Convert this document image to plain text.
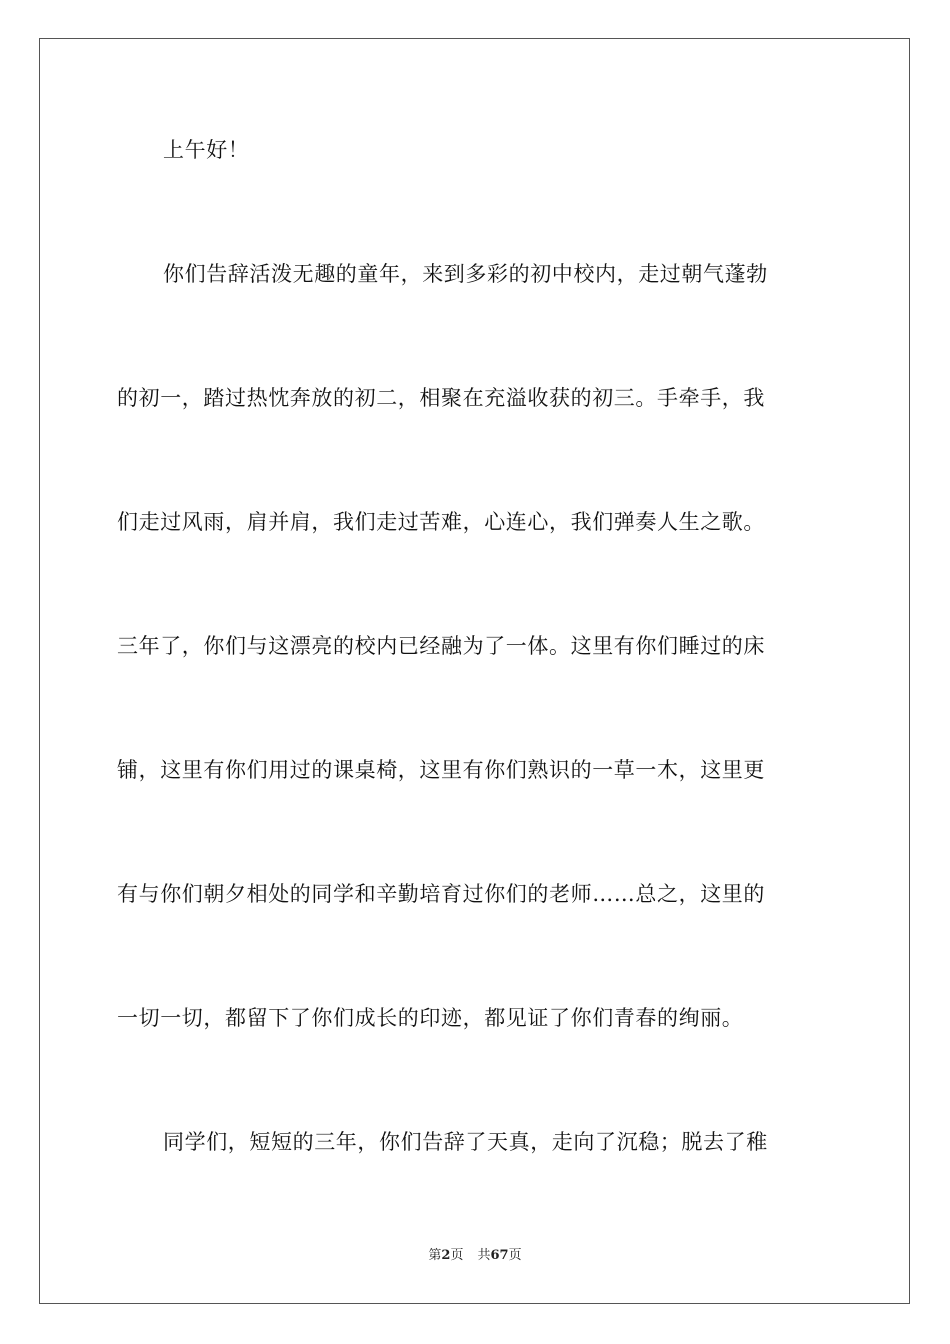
上午好！
你们告辞活泼无趣的童年，来到多彩的初中校内，走过朝气蓬勃
的初一，踏过热忱奔放的初二，相聚在充溢收获的初三。手牵手，我
们走过风雨，肩并肩，我们走过苦难，心连心，我们弹奏人生之歌。
三年了，你们与这漂亮的校内已经融为了一体。这里有你们睡过的床
铺，这里有你们用过的课桌椅，这里有你们熟识的一草一木，这里更
有与你们朝夕相处的同学和辛勤培育过你们的老师……总之，这里的
一切一切，都留下了你们成长的印迹，都见证了你们青春的绚丽。
同学们，短短的三年，你们告辞了天真，走向了沉稳；脱去了稚
第2页 共67页
